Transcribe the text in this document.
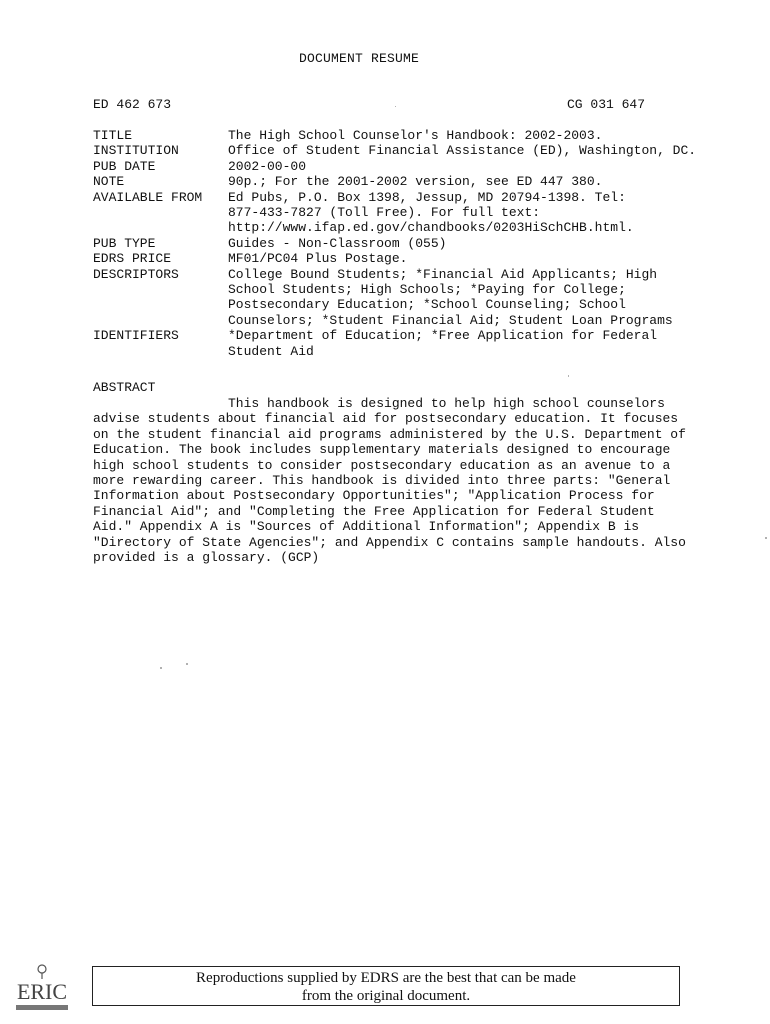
DOCUMENT RESUME
ED 462 673	CG 031 647
TITLE	The High School Counselor's Handbook: 2002-2003.
INSTITUTION	Office of Student Financial Assistance (ED), Washington, DC.
PUB DATE	2002-00-00
NOTE	90p.; For the 2001-2002 version, see ED 447 380.
AVAILABLE FROM	Ed Pubs, P.O. Box 1398, Jessup, MD 20794-1398. Tel:
877-433-7827 (Toll Free). For full text:
http://www.ifap.ed.gov/chandbooks/0203HiSchCHB.html.
PUB TYPE	Guides - Non-Classroom (055)
EDRS PRICE	MF01/PC04 Plus Postage.
DESCRIPTORS	College Bound Students; *Financial Aid Applicants; High
School Students; High Schools; *Paying for College;
Postsecondary Education; *School Counseling; School
Counselors; *Student Financial Aid; Student Loan Programs
IDENTIFIERS	*Department of Education; *Free Application for Federal
Student Aid
ABSTRACT
This handbook is designed to help high school counselors
advise students about financial aid for postsecondary education. It focuses
on the student financial aid programs administered by the U.S. Department of
Education. The book includes supplementary materials designed to encourage
high school students to consider postsecondary education as an avenue to a
more rewarding career. This handbook is divided into three parts: "General
Information about Postsecondary Opportunities"; "Application Process for
Financial Aid"; and "Completing the Free Application for Federal Student
Aid." Appendix A is "Sources of Additional Information"; Appendix B is
"Directory of State Agencies"; and Appendix C contains sample handouts. Also
provided is a glossary. (GCP)
ERIC
Reproductions supplied by EDRS are the best that can be made
from the original document.
